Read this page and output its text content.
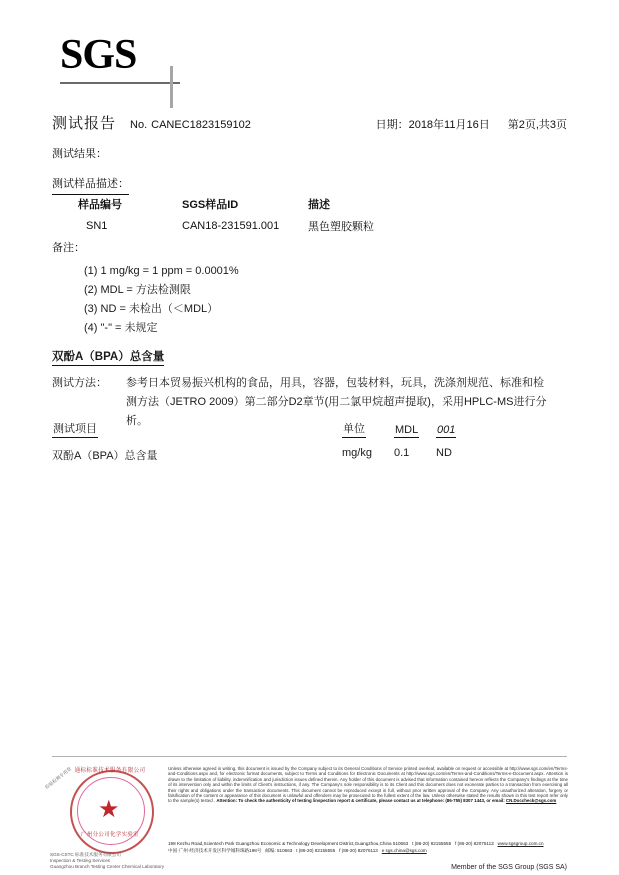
SGS
测试报告 No. CANEC1823159102	日期：2018年11月16日 第2页,共3页
测试结果：
测试样品描述：
样品编号	SGS样品ID	描述
SN1	CAN18-231591.001	黑色塑胶颗粒
备注：
(1) 1 mg/kg = 1 ppm = 0.0001%
(2) MDL = 方法检测限
(3) ND = 未检出（＜MDL）
(4) "-" = 未规定
双酚A（BPA）总含量
测试方法： 参考日本贸易振兴机构的食品，用具，容器，包装材料，玩具，洗涤剂规范、标准和检测方法（JETRO 2009）第二部分D2章节(用二氯甲烷超声提取)，采用HPLC-MS进行分析。
测试项目	单位	MDL	001
双酚A（BPA）总含量	mg/kg	0.1	ND
★
通标标准技术服务有限公司
广州分公司化学实验室
检验检测专用章
SGS-CSTC 标准技术服务有限公司
Inspection & Testing Services
Guangzhou Branch Testing Center Chemical Laboratory
Unless otherwise agreed in writing, this document is issued by the Company subject to its General Conditions of Service printed overleaf, available on request or accessible at http://www.sgs.com/en/Terms-and-Conditions.aspx and, for electronic format documents, subject to Terms and Conditions for Electronic Documents at http://www.sgs.com/en/Terms-and-Conditions/Terms-e-Document.aspx. Attention is drawn to the limitation of liability, indemnification and jurisdiction issues defined therein. Any holder of this document is advised that information contained hereon reflects the Company's findings at the time of its intervention only and within the limits of Client's instructions, if any. The Company's sole responsibility is to its Client and this document does not exonerate parties to a transaction from exercising all their rights and obligations under the transaction documents. This document cannot be reproduced except in full, without prior written approval of the Company. Any unauthorized alteration, forgery or falsification of the content or appearance of this document is unlawful and offenders may be prosecuted to the fullest extent of the law. Unless otherwise stated the results shown in this test report refer only to the sample(s) tested . Attention: To check the authenticity of testing /inspection report & certificate, please contact us at telephone: (86-755) 8307 1443, or email: CN.Doccheck@sgs.com
198 Kezhu Road,Scientech Park Guangzhou Economic & Technology Development District,Guangzhou,China 510663 t (86-20) 82155555 f (86-20) 82075113 www.sgsgroup.com.cn
中国·广州·经济技术开发区科学城科珠路198号 邮编: 510663 t (86-20) 82155555 f (86-20) 82075113 e sgs.china@sgs.com
Member of the SGS Group (SGS SA)
